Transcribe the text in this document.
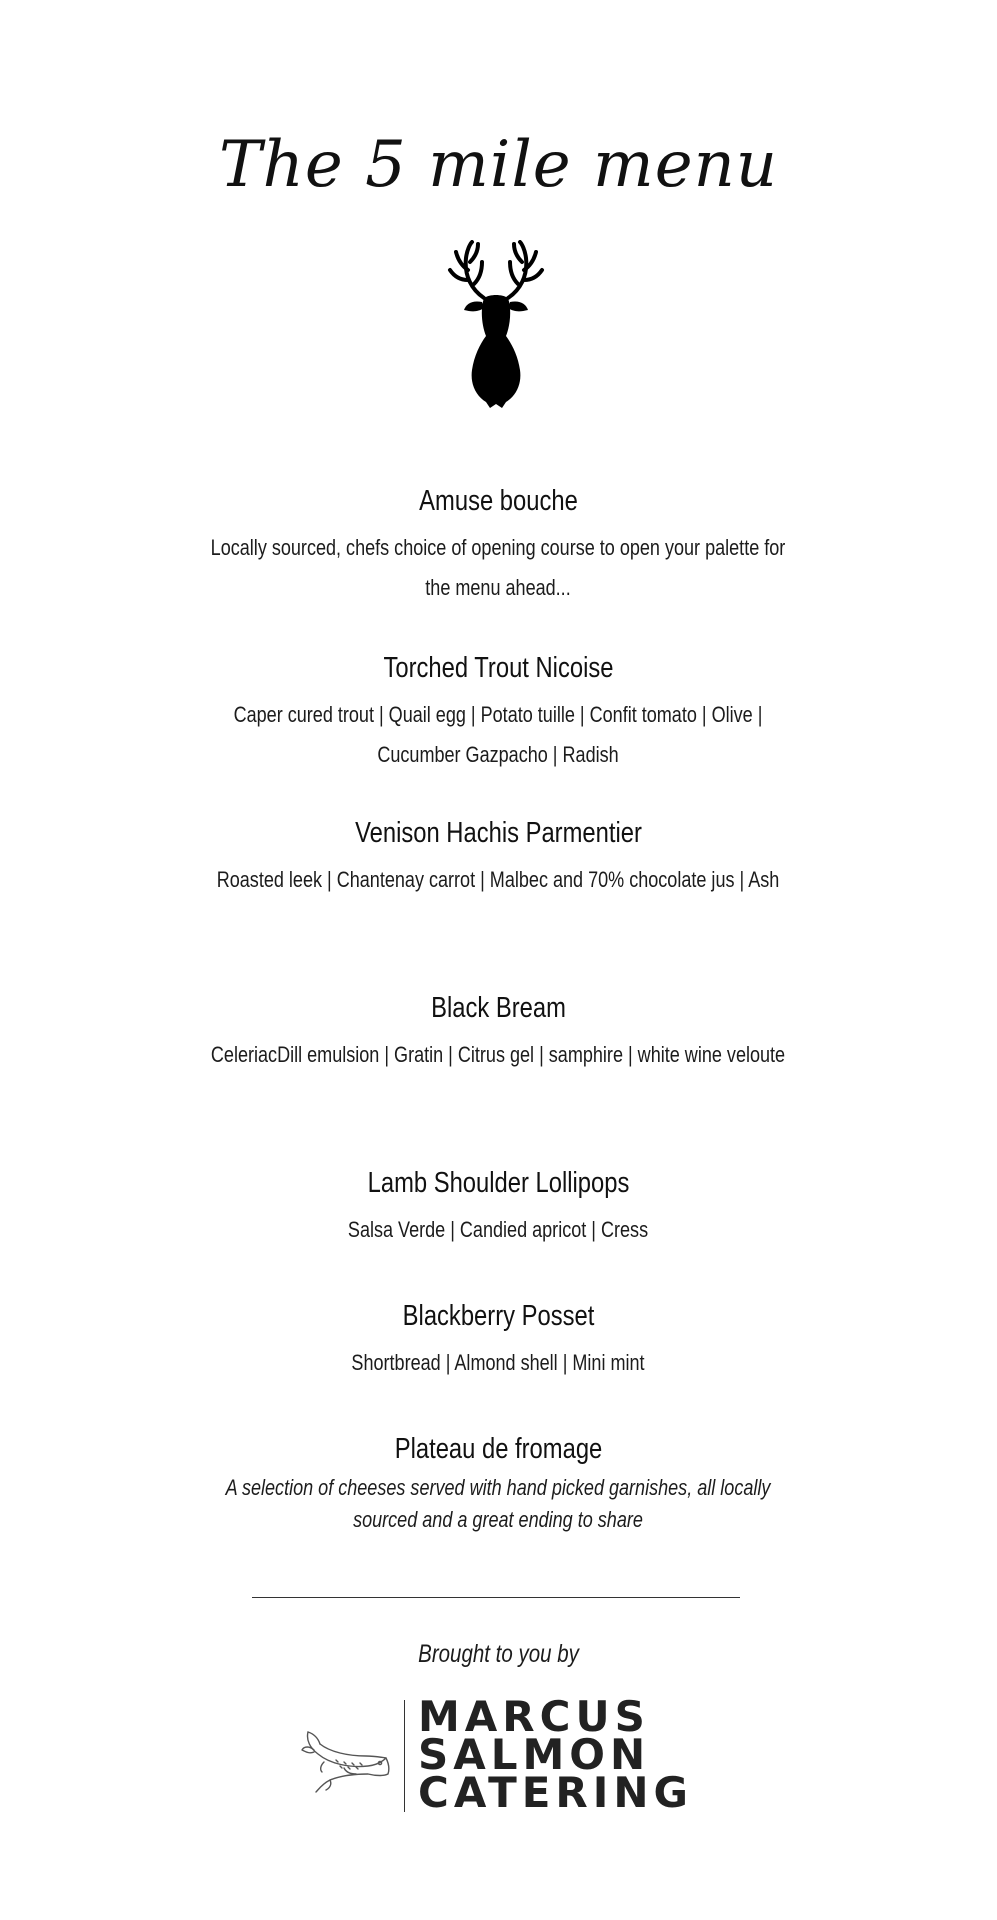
The 5 mile menu
Amuse bouche
Locally sourced, chefs choice of opening course to open your palette for the menu ahead...
Torched Trout Nicoise
Caper cured trout | Quail egg | Potato tuille | Confit tomato | Olive | Cucumber Gazpacho | Radish
Venison Hachis Parmentier
Roasted leek | Chantenay carrot | Malbec and 70% chocolate jus | Ash
Black Bream
CeleriacDill emulsion | Gratin | Citrus gel | samphire | white wine veloute
Lamb Shoulder Lollipops
Salsa Verde | Candied apricot | Cress
Blackberry Posset
Shortbread | Almond shell | Mini mint
Plateau de fromage
A selection of cheeses served with hand picked garnishes, all locally sourced and a great ending to share
Brought to you by
MARCUS
SALMON
CATERING
